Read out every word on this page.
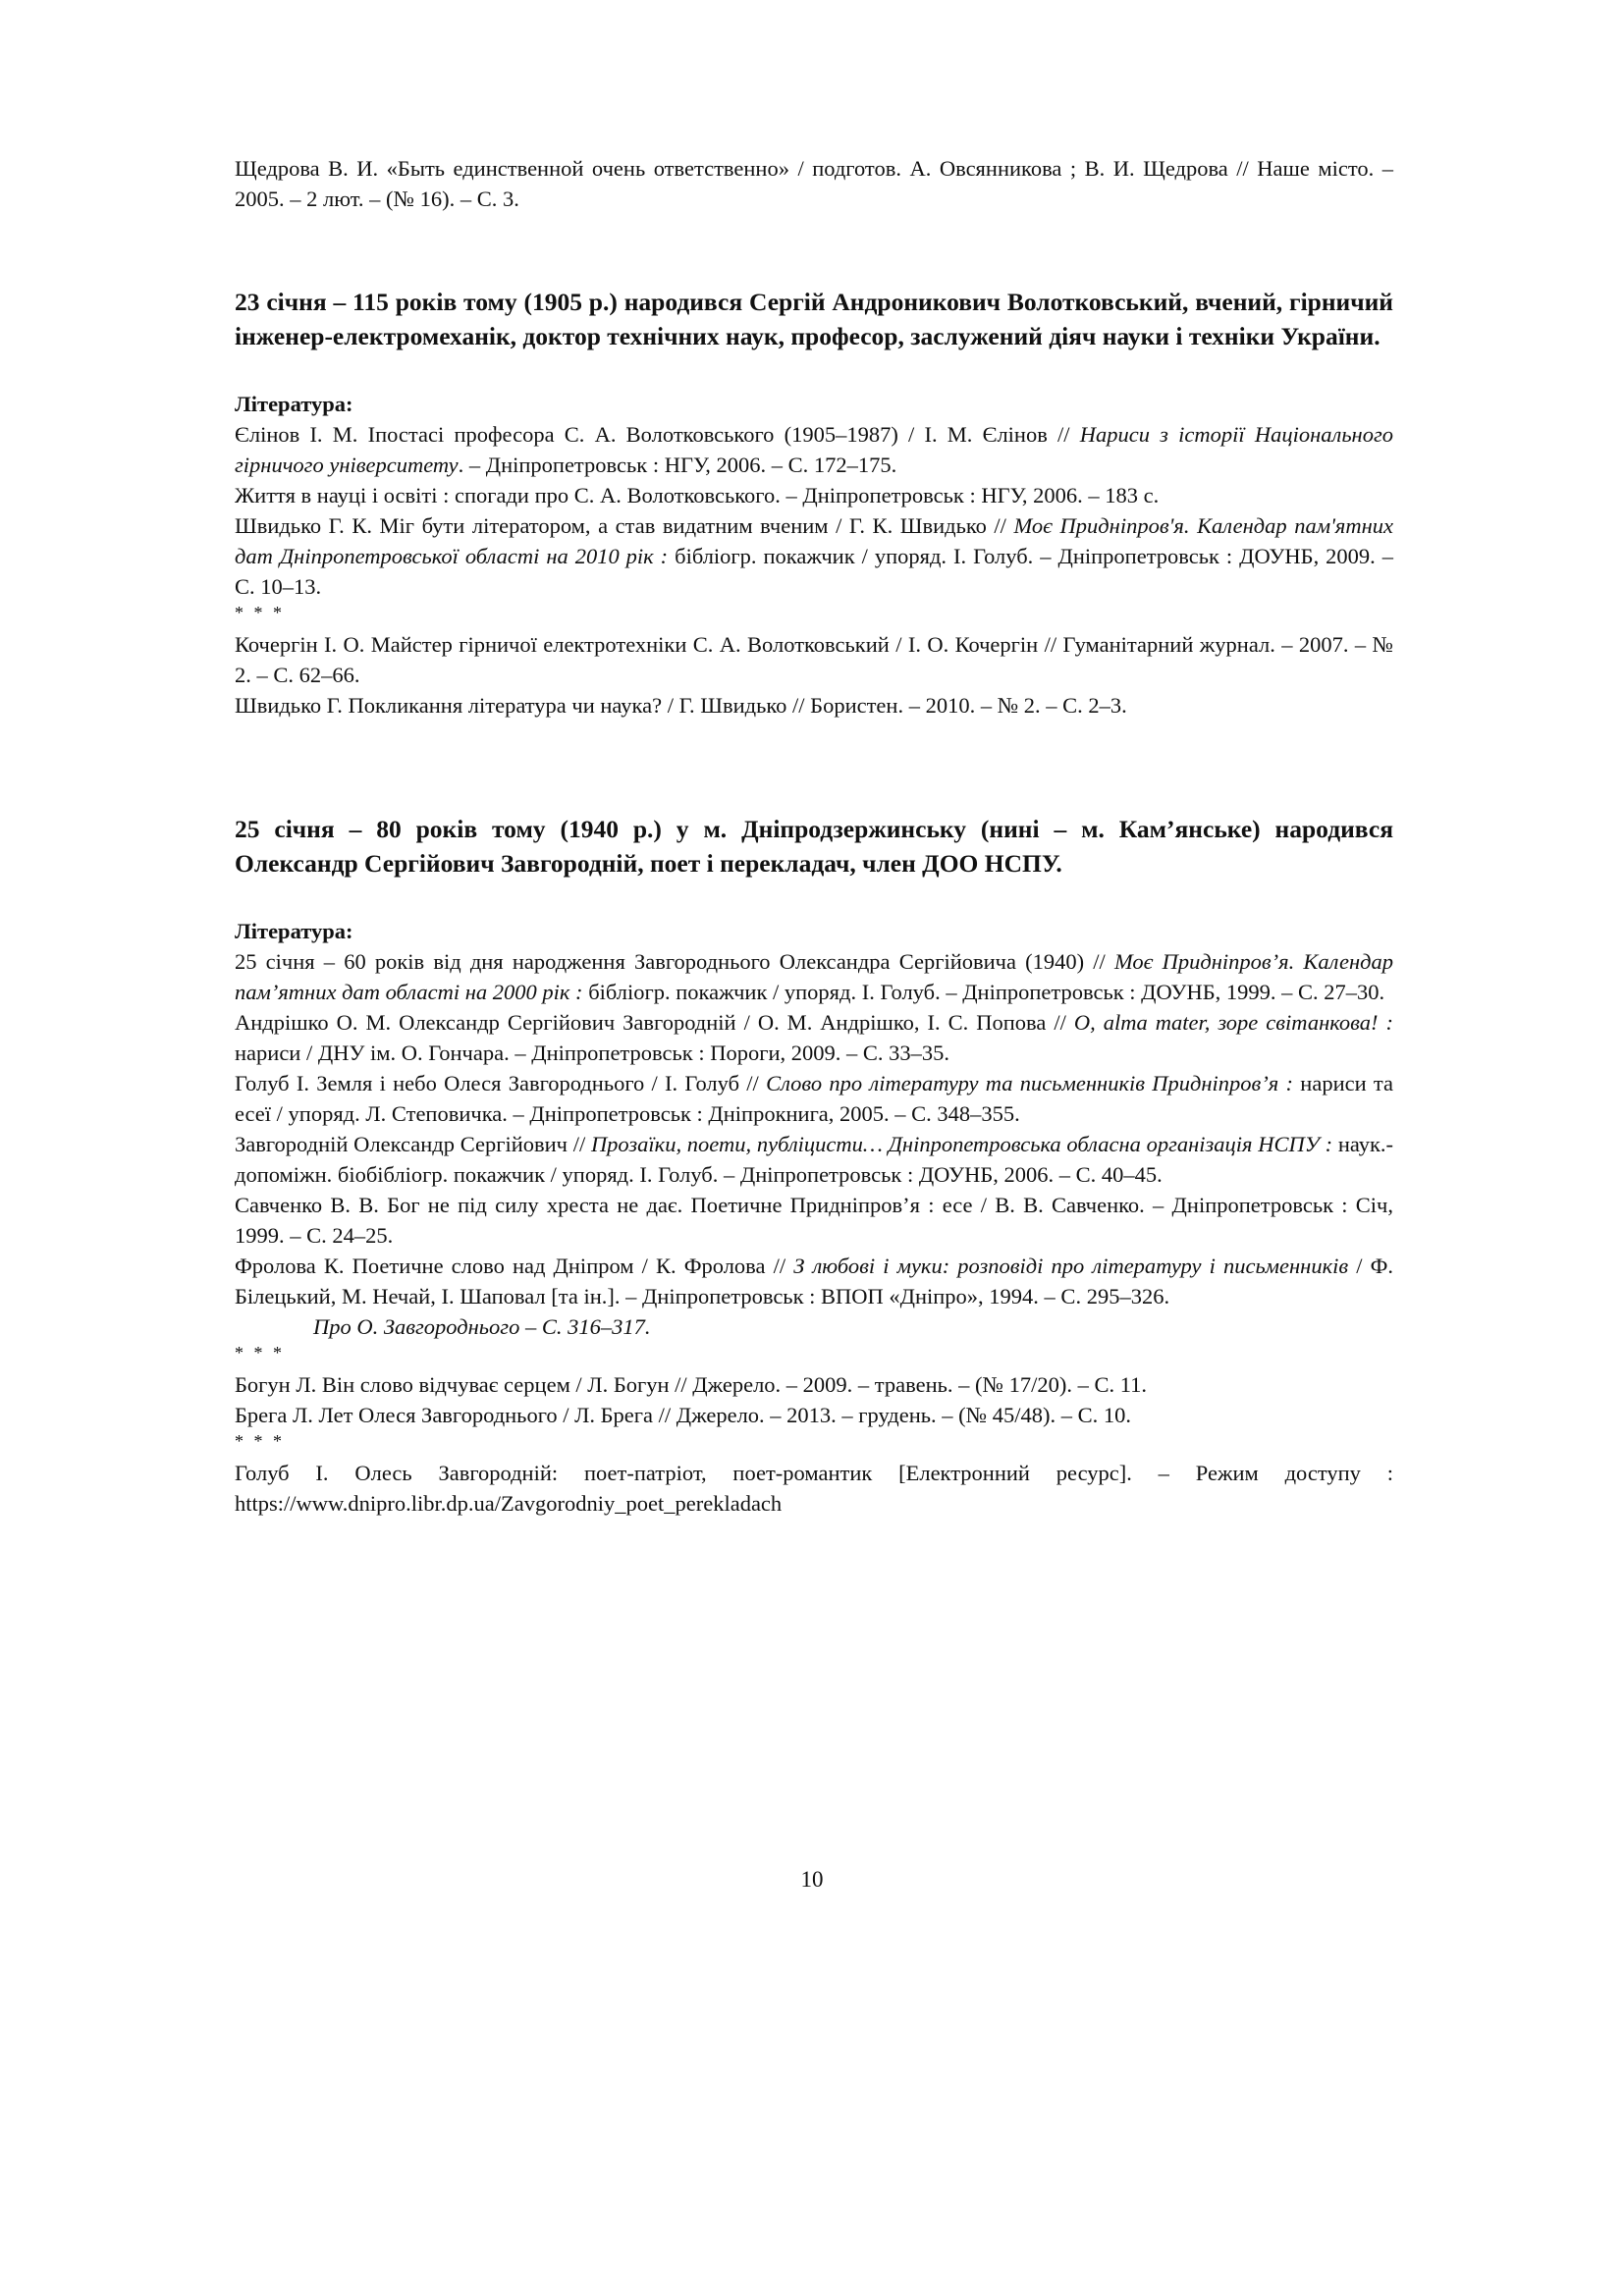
Щедрова В. И. «Быть единственной очень ответственно» / подготов. А. Овсянникова ; В. И. Щедрова // Наше місто. – 2005. – 2 лют. – (№ 16). – С. 3.

23 січня – 115 років тому (1905 р.) народився Сергій Андроникович Волотковський, вчений, гірничий інженер-електромеханік, доктор технічних наук, професор, заслужений діяч науки і техніки України.

Література:

Єлінов І. М. Іпостасі професора С. А. Волотковського (1905–1987) / І. М. Єлінов // Нариси з історії Національного гірничого університету. – Дніпропетровськ : НГУ, 2006. – С. 172–175.

Життя в науці і освіті : спогади про С. А. Волотковського. – Дніпропетровськ : НГУ, 2006. – 183 с.

Швидько Г. К. Міг бути літератором, а став видатним вченим / Г. К. Швидько // Моє Придніпров'я. Календар пам'ятних дат Дніпропетровської області на 2010 рік : бібліогр. покажчик / упоряд. І. Голуб. – Дніпропетровськ : ДОУНБ, 2009. – С. 10–13.

* * *

Кочергін І. О. Майстер гірничої електротехніки С. А. Волотковський / І. О. Кочергін // Гуманітарний журнал. – 2007. – № 2. – С. 62–66.

Швидько Г. Покликання література чи наука? / Г. Швидько // Бористен. – 2010. – № 2. – С. 2–3.

25 січня – 80 років тому (1940 р.) у м. Дніпродзержинську (нині – м. Кам’янське) народився Олександр Сергійович Завгородній, поет і перекладач, член ДОО НСПУ.

Література:

25 січня – 60 років від дня народження Завгороднього Олександра Сергійовича (1940) // Моє Придніпров’я. Календар пам’ятних дат області на 2000 рік : бібліогр. покажчик / упоряд. І. Голуб. – Дніпропетровськ : ДОУНБ, 1999. – С. 27–30.

Андрішко О. М. Олександр Сергійович Завгородній / О. М. Андрішко, І. С. Попова // О, alma mater, зоре світанкова! : нариси / ДНУ ім. О. Гончара. – Дніпропетровськ : Пороги, 2009. – С. 33–35.

Голуб І. Земля і небо Олеся Завгороднього / І. Голуб // Слово про літературу та письменників Придніпров’я : нариси та есеї / упоряд. Л. Степовичка. – Дніпропетровськ : Дніпрокнига, 2005. – С. 348–355.

Завгородній Олександр Сергійович // Прозаїки, поети, публіцисти… Дніпропетровська обласна організація НСПУ : наук.-допоміжн. біобібліогр. покажчик / упоряд. І. Голуб. – Дніпропетровськ : ДОУНБ, 2006. – С. 40–45.

Савченко В. В. Бог не під силу хреста не дає. Поетичне Придніпров’я : есе / В. В. Савченко. – Дніпропетровськ : Січ, 1999. – С. 24–25.

Фролова К. Поетичне слово над Дніпром / К. Фролова // З любові і муки: розповіді про літературу і письменників / Ф. Білецький, М. Нечай, І. Шаповал [та ін.]. – Дніпропетровськ : ВПОП «Дніпро», 1994. – С. 295–326.

Про О. Завгороднього – С. 316–317.

* * *

Богун Л. Він слово відчуває серцем / Л. Богун // Джерело. – 2009. – травень. – (№ 17/20). – С. 11.

Брега Л. Лет Олеся Завгороднього / Л. Брега // Джерело. – 2013. – грудень. – (№ 45/48). – С. 10.

* * *

Голуб І. Олесь Завгородній: поет-патріот, поет-романтик [Електронний ресурс]. – Режим доступу : https://www.dnipro.libr.dp.ua/Zavgorodniy_poet_perekladach

10
